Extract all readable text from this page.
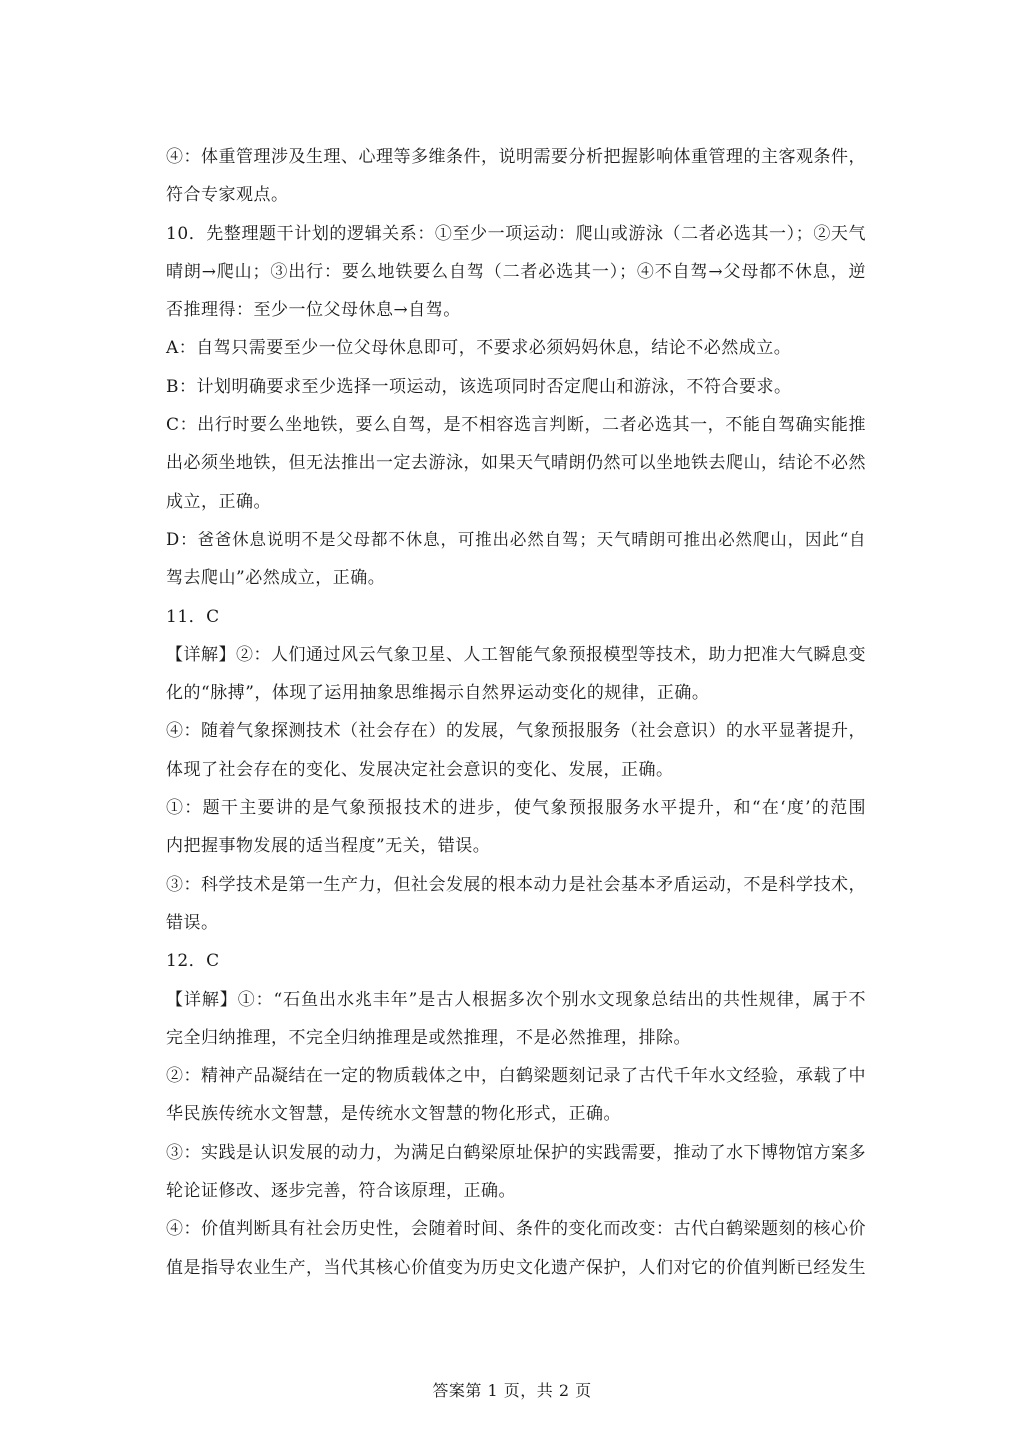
④：体重管理涉及生理、心理等多维条件，说明需要分析把握影响体重管理的主客观条件，
符合专家观点。
10．先整理题干计划的逻辑关系：①至少一项运动：爬山或游泳（二者必选其一）；②天气
晴朗→爬山；③出行：要么地铁要么自驾（二者必选其一）；④不自驾→父母都不休息，逆
否推理得：至少一位父母休息→自驾。
A：自驾只需要至少一位父母休息即可，不要求必须妈妈休息，结论不必然成立。
B：计划明确要求至少选择一项运动，该选项同时否定爬山和游泳，不符合要求。
C：出行时要么坐地铁，要么自驾，是不相容选言判断，二者必选其一，不能自驾确实能推
出必须坐地铁，但无法推出一定去游泳，如果天气晴朗仍然可以坐地铁去爬山，结论不必然
成立，正确。
D：爸爸休息说明不是父母都不休息，可推出必然自驾；天气晴朗可推出必然爬山，因此“自
驾去爬山”必然成立，正确。
11．C
【详解】②：人们通过风云气象卫星、人工智能气象预报模型等技术，助力把准大气瞬息变
化的“脉搏”，体现了运用抽象思维揭示自然界运动变化的规律，正确。
④：随着气象探测技术（社会存在）的发展，气象预报服务（社会意识）的水平显著提升，
体现了社会存在的变化、发展决定社会意识的变化、发展，正确。
①：题干主要讲的是气象预报技术的进步，使气象预报服务水平提升，和“在‘度’的范围
内把握事物发展的适当程度”无关，错误。
③：科学技术是第一生产力，但社会发展的根本动力是社会基本矛盾运动，不是科学技术，
错误。
12．C
【详解】①：“石鱼出水兆丰年”是古人根据多次个别水文现象总结出的共性规律，属于不
完全归纳推理，不完全归纳推理是或然推理，不是必然推理，排除。
②：精神产品凝结在一定的物质载体之中，白鹤梁题刻记录了古代千年水文经验，承载了中
华民族传统水文智慧，是传统水文智慧的物化形式，正确。
③：实践是认识发展的动力，为满足白鹤梁原址保护的实践需要，推动了水下博物馆方案多
轮论证修改、逐步完善，符合该原理，正确。
④：价值判断具有社会历史性，会随着时间、条件的变化而改变：古代白鹤梁题刻的核心价
值是指导农业生产，当代其核心价值变为历史文化遗产保护，人们对它的价值判断已经发生
答案第 1 页，共 2 页
